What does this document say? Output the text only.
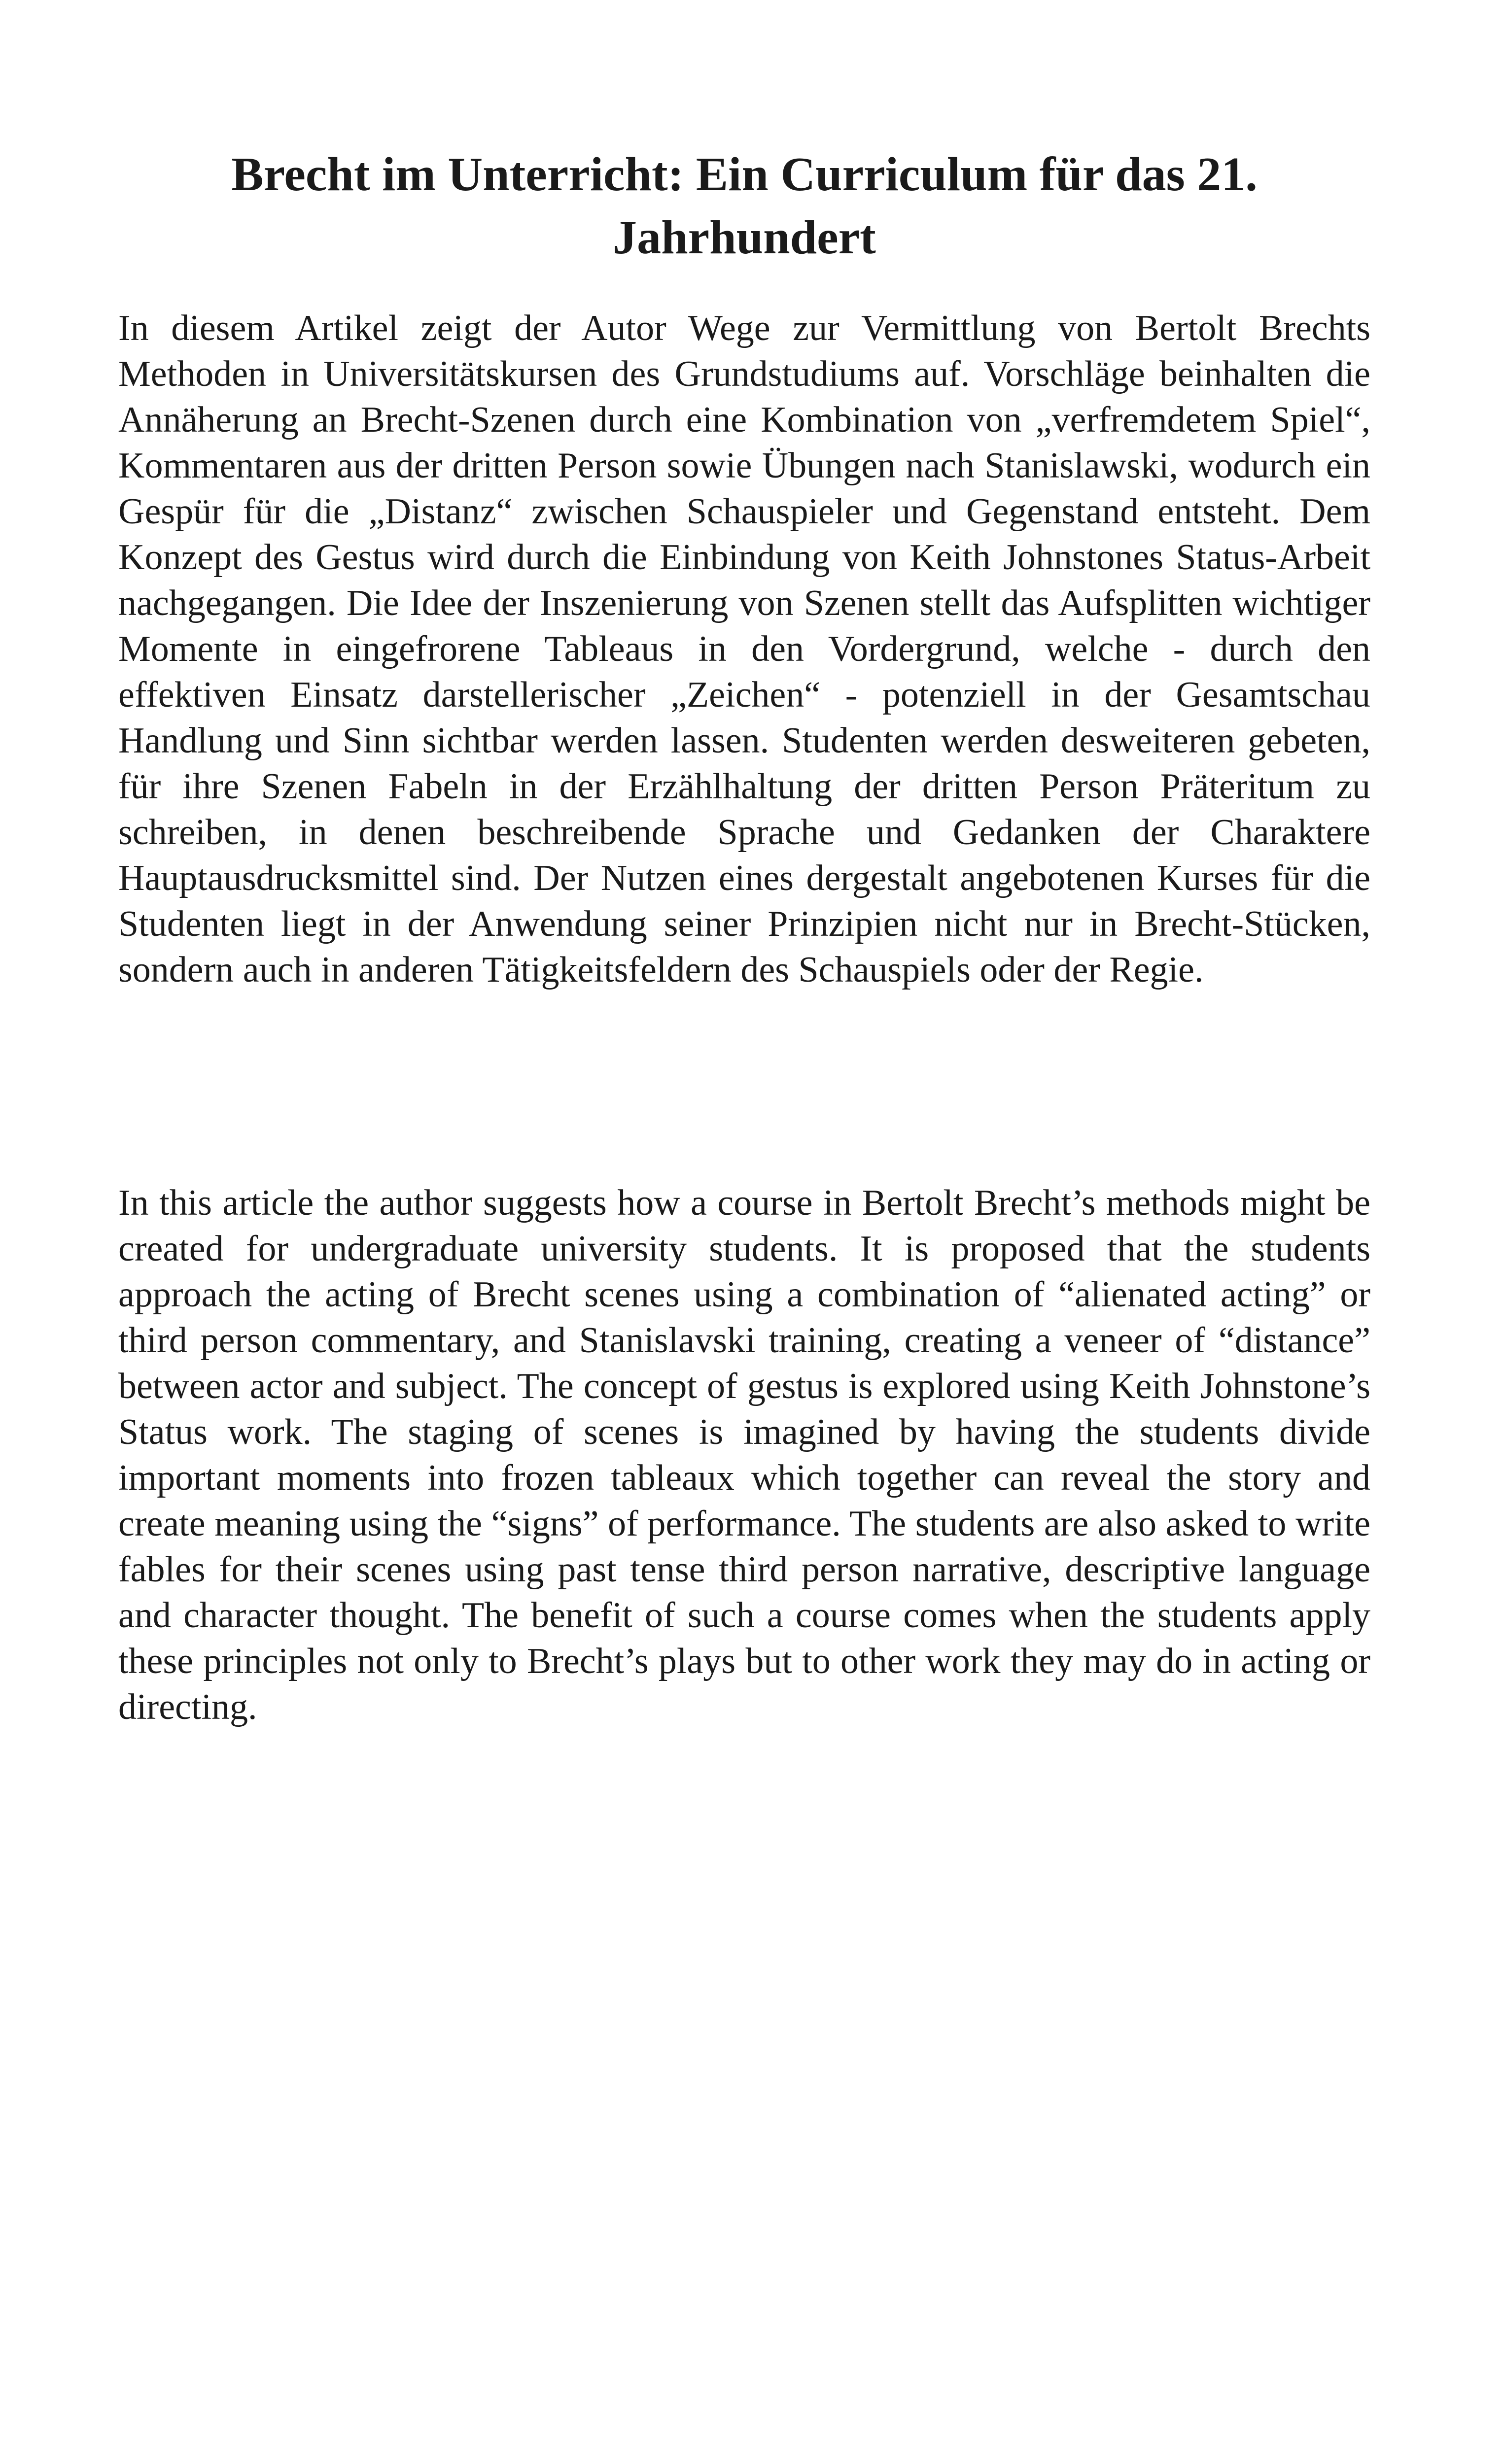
Brecht im Unterricht: Ein Curriculum für das 21. Jahrhundert

In diesem Artikel zeigt der Autor Wege zur Vermittlung von Bertolt Brechts Methoden in Universitätskursen des Grundstudiums auf. Vorschläge beinhalten die Annäherung an Brecht-Szenen durch eine Kombination von „verfremdetem Spiel“, Kommentaren aus der dritten Person sowie Übungen nach Stanislawski, wodurch ein Gespür für die „Distanz“ zwischen Schauspieler und Gegenstand entsteht. Dem Konzept des Gestus wird durch die Einbindung von Keith Johnstones Status-Arbeit nachgegangen. Die Idee der Inszenierung von Szenen stellt das Aufsplitten wichtiger Momente in eingefrorene Tableaus in den Vordergrund, welche - durch den effektiven Einsatz darstellerischer „Zeichen“ - potenziell in der Gesamtschau Handlung und Sinn sichtbar werden lassen. Studenten werden desweiteren gebeten, für ihre Szenen Fabeln in der Erzählhaltung der dritten Person Präteritum zu schreiben, in denen beschreibende Sprache und Gedanken der Charaktere Hauptausdrucksmittel sind. Der Nutzen eines dergestalt angebotenen Kurses für die Studenten liegt in der Anwendung seiner Prinzipien nicht nur in Brecht-Stücken, sondern auch in anderen Tätigkeitsfeldern des Schauspiels oder der Regie.

In this article the author suggests how a course in Bertolt Brecht’s methods might be created for undergraduate university students. It is proposed that the students approach the acting of Brecht scenes using a combination of “alienated acting” or third person commentary, and Stanislavski training, creating a veneer of “distance” between actor and subject. The concept of gestus is explored using Keith Johnstone’s Status work. The staging of scenes is imagined by having the students divide important moments into frozen tableaux which together can reveal the story and create meaning using the “signs” of performance. The students are also asked to write fables for their scenes using past tense third person narrative, descriptive language and character thought. The benefit of such a course comes when the students apply these principles not only to Brecht’s plays but to other work they may do in acting or directing.
